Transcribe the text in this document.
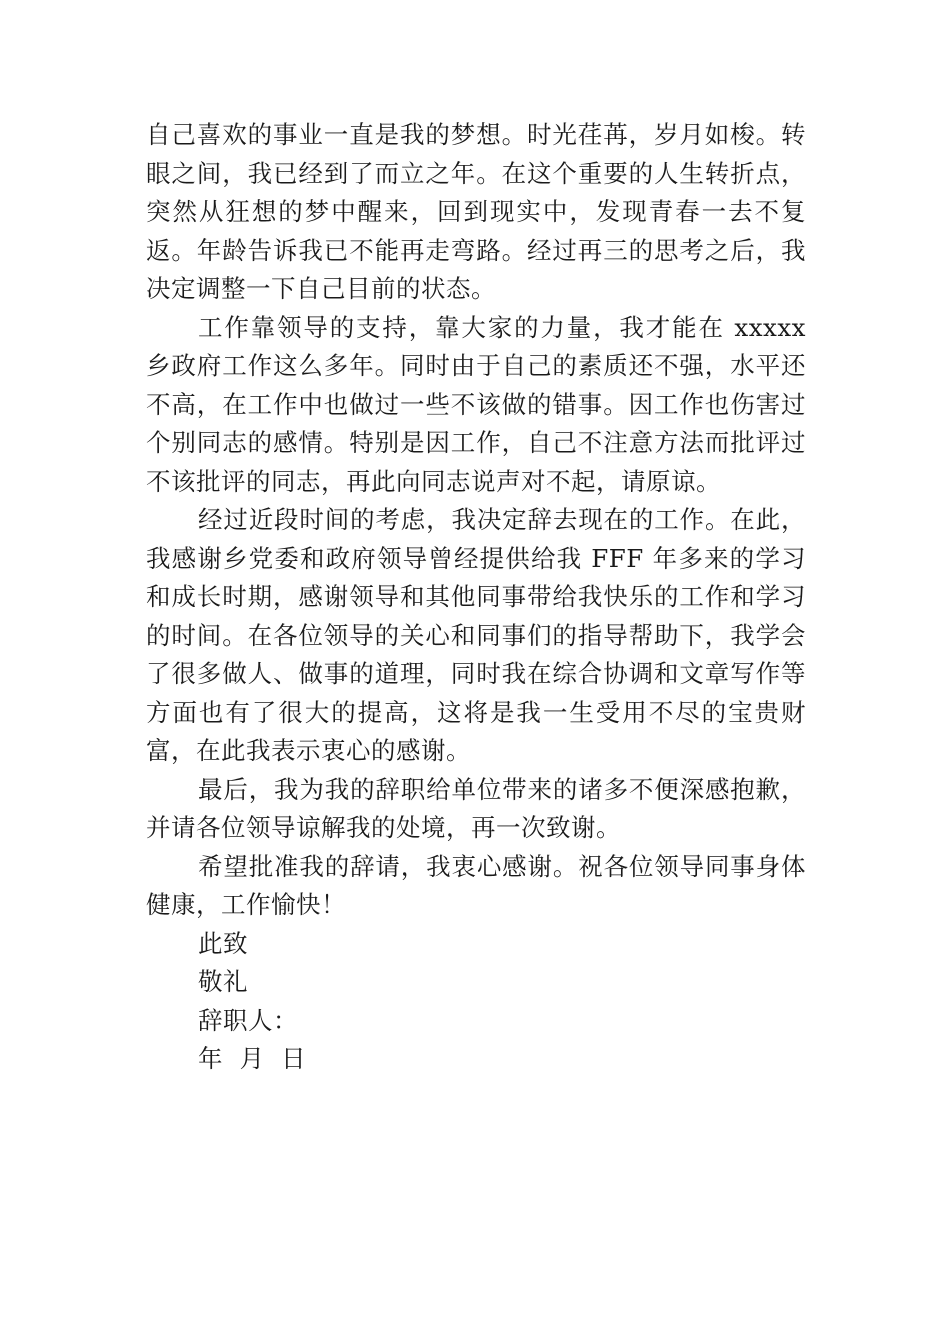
自己喜欢的事业一直是我的梦想。时光荏苒，岁月如梭。转眼之间，我已经到了而立之年。在这个重要的人生转折点，突然从狂想的梦中醒来，回到现实中，发现青春一去不复返。年龄告诉我已不能再走弯路。经过再三的思考之后，我决定调整一下自己目前的状态。

工作靠领导的支持，靠大家的力量，我才能在 xxxxx 乡政府工作这么多年。同时由于自己的素质还不强，水平还不高，在工作中也做过一些不该做的错事。因工作也伤害过个别同志的感情。特别是因工作，自己不注意方法而批评过不该批评的同志，再此向同志说声对不起，请原谅。

经过近段时间的考虑，我决定辞去现在的工作。在此，我感谢乡党委和政府领导曾经提供给我 FFF 年多来的学习和成长时期，感谢领导和其他同事带给我快乐的工作和学习的时间。在各位领导的关心和同事们的指导帮助下，我学会了很多做人、做事的道理，同时我在综合协调和文章写作等方面也有了很大的提高，这将是我一生受用不尽的宝贵财富，在此我表示衷心的感谢。

最后，我为我的辞职给单位带来的诸多不便深感抱歉，并请各位领导谅解我的处境，再一次致谢。

希望批准我的辞请，我衷心感谢。祝各位领导同事身体健康，工作愉快！

此致

敬礼

辞职人：

年  月  日
